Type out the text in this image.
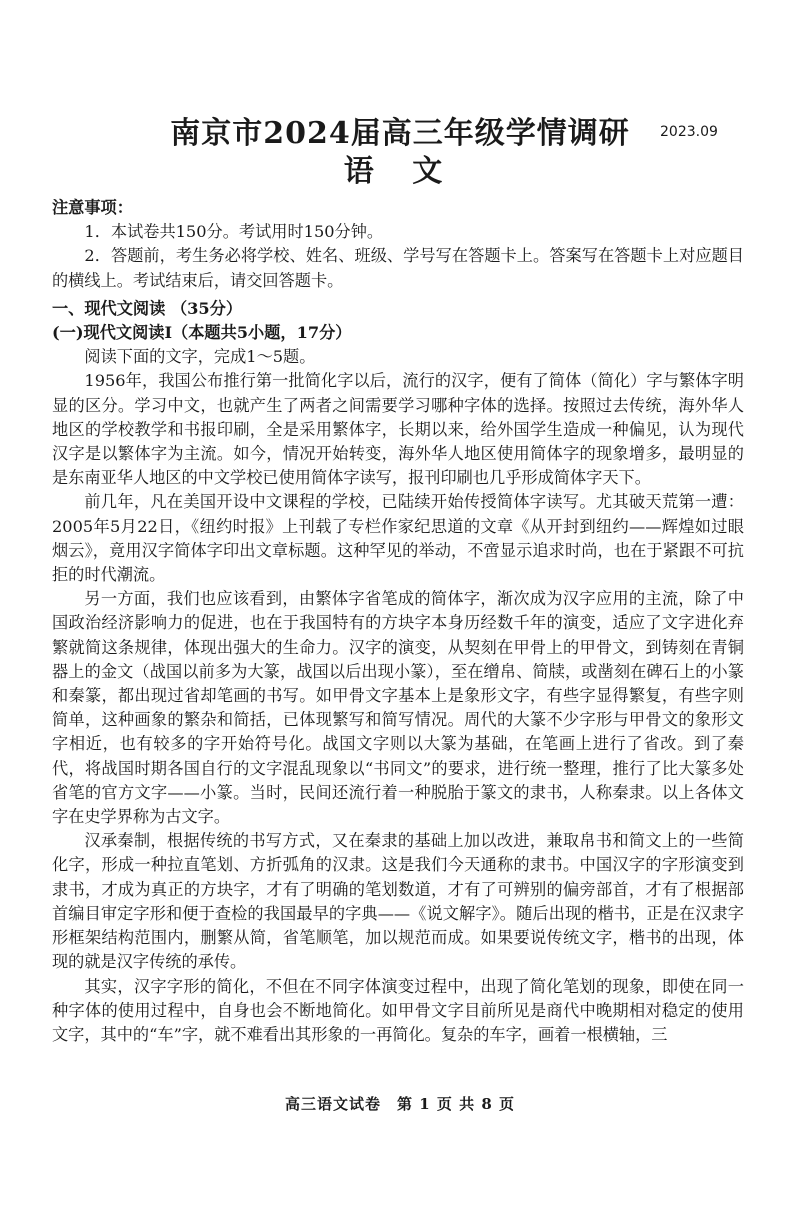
南京市2024届高三年级学情调研	2023.09
语 文

注意事项：

1．本试卷共150分。考试用时150分钟。

2．答题前，考生务必将学校、姓名、班级、学号写在答题卡上。答案写在答题卡上对应题目的横线上。考试结束后，请交回答题卡。

一、现代文阅读 （35分）

(一)现代文阅读Ⅰ（本题共5小题，17分）

阅读下面的文字，完成1～5题。

1956年，我国公布推行第一批简化字以后，流行的汉字，便有了简体（简化）字与繁体字明显的区分。学习中文，也就产生了两者之间需要学习哪种字体的选择。按照过去传统，海外华人地区的学校教学和书报印刷，全是采用繁体字，长期以来，给外国学生造成一种偏见，认为现代汉字是以繁体字为主流。如今，情况开始转变，海外华人地区使用简体字的现象增多，最明显的是东南亚华人地区的中文学校已使用简体字读写，报刊印刷也几乎形成简体字天下。

前几年，凡在美国开设中文课程的学校，已陆续开始传授简体字读写。尤其破天荒第一遭：2005年5月22日，《纽约时报》上刊载了专栏作家纪思道的文章《从开封到纽约——辉煌如过眼烟云》，竟用汉字简体字印出文章标题。这种罕见的举动，不啻显示追求时尚，也在于紧跟不可抗拒的时代潮流。

另一方面，我们也应该看到，由繁体字省笔成的简体字，渐次成为汉字应用的主流，除了中国政治经济影响力的促进，也在于我国特有的方块字本身历经数千年的演变，适应了文字进化弃繁就简这条规律，体现出强大的生命力。汉字的演变，从契刻在甲骨上的甲骨文，到铸刻在青铜器上的金文（战国以前多为大篆，战国以后出现小篆），至在缯帛、简牍，或凿刻在碑石上的小篆和秦篆，都出现过省却笔画的书写。如甲骨文字基本上是象形文字，有些字显得繁复，有些字则简单，这种画象的繁杂和简括，已体现繁写和简写情况。周代的大篆不少字形与甲骨文的象形文字相近，也有较多的字开始符号化。战国文字则以大篆为基础，在笔画上进行了省改。到了秦代，将战国时期各国自行的文字混乱现象以“书同文”的要求，进行统一整理，推行了比大篆多处省笔的官方文字——小篆。当时，民间还流行着一种脱胎于篆文的隶书，人称秦隶。以上各体文字在史学界称为古文字。

汉承秦制，根据传统的书写方式，又在秦隶的基础上加以改进，兼取帛书和简文上的一些简化字，形成一种拉直笔划、方折弧角的汉隶。这是我们今天通称的隶书。中国汉字的字形演变到隶书，才成为真正的方块字，才有了明确的笔划数道，才有了可辨别的偏旁部首，才有了根据部首编目审定字形和便于查检的我国最早的字典——《说文解字》。随后出现的楷书，正是在汉隶字形框架结构范围内，删繁从简，省笔顺笔，加以规范而成。如果要说传统文字，楷书的出现，体现的就是汉字传统的承传。

其实，汉字字形的简化，不但在不同字体演变过程中，出现了简化笔划的现象，即使在同一种字体的使用过程中，自身也会不断地简化。如甲骨文字目前所见是商代中晚期相对稳定的使用文字，其中的“车”字，就不难看出其形象的一再简化。复杂的车字，画着一根横轴，三

高三语文试卷　第 1 页 共 8 页
